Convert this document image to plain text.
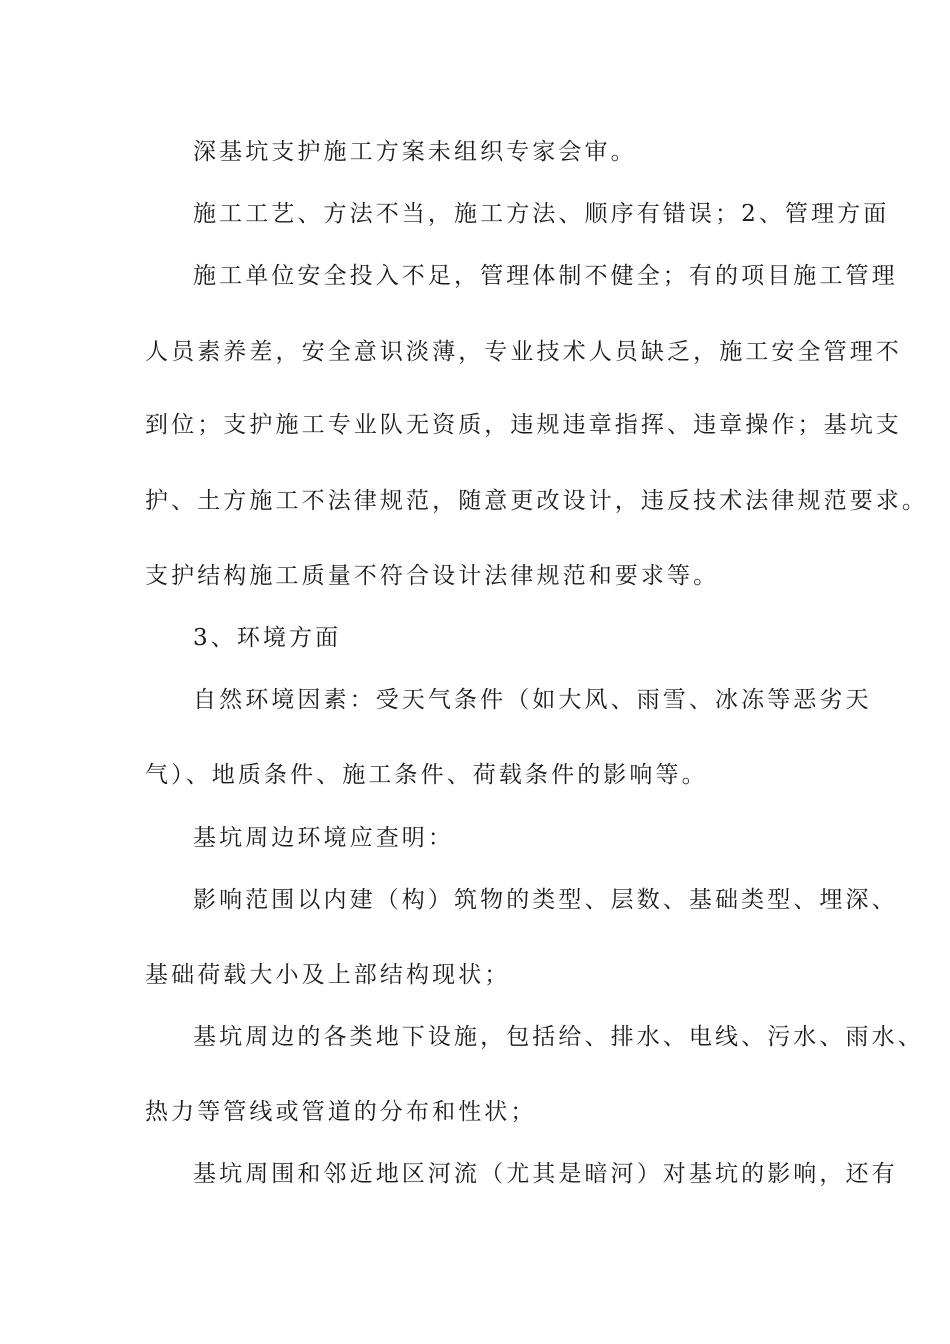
深基坑支护施工方案未组织专家会审。
施工工艺、方法不当，施工方法、顺序有错误；2、管理方面
施工单位安全投入不足，管理体制不健全；有的项目施工管理
人员素养差，安全意识淡薄，专业技术人员缺乏，施工安全管理不
到位；支护施工专业队无资质，违规违章指挥、违章操作；基坑支
护、土方施工不法律规范，随意更改设计，违反技术法律规范要求。
支护结构施工质量不符合设计法律规范和要求等。
3、环境方面
自然环境因素：受天气条件（如大风、雨雪、冰冻等恶劣天
气）、地质条件、施工条件、荷载条件的影响等。
基坑周边环境应查明：
影响范围以内建（构）筑物的类型、层数、基础类型、埋深、
基础荷载大小及上部结构现状；
基坑周边的各类地下设施，包括给、排水、电线、污水、雨水、
热力等管线或管道的分布和性状；
基坑周围和邻近地区河流（尤其是暗河）对基坑的影响，还有
